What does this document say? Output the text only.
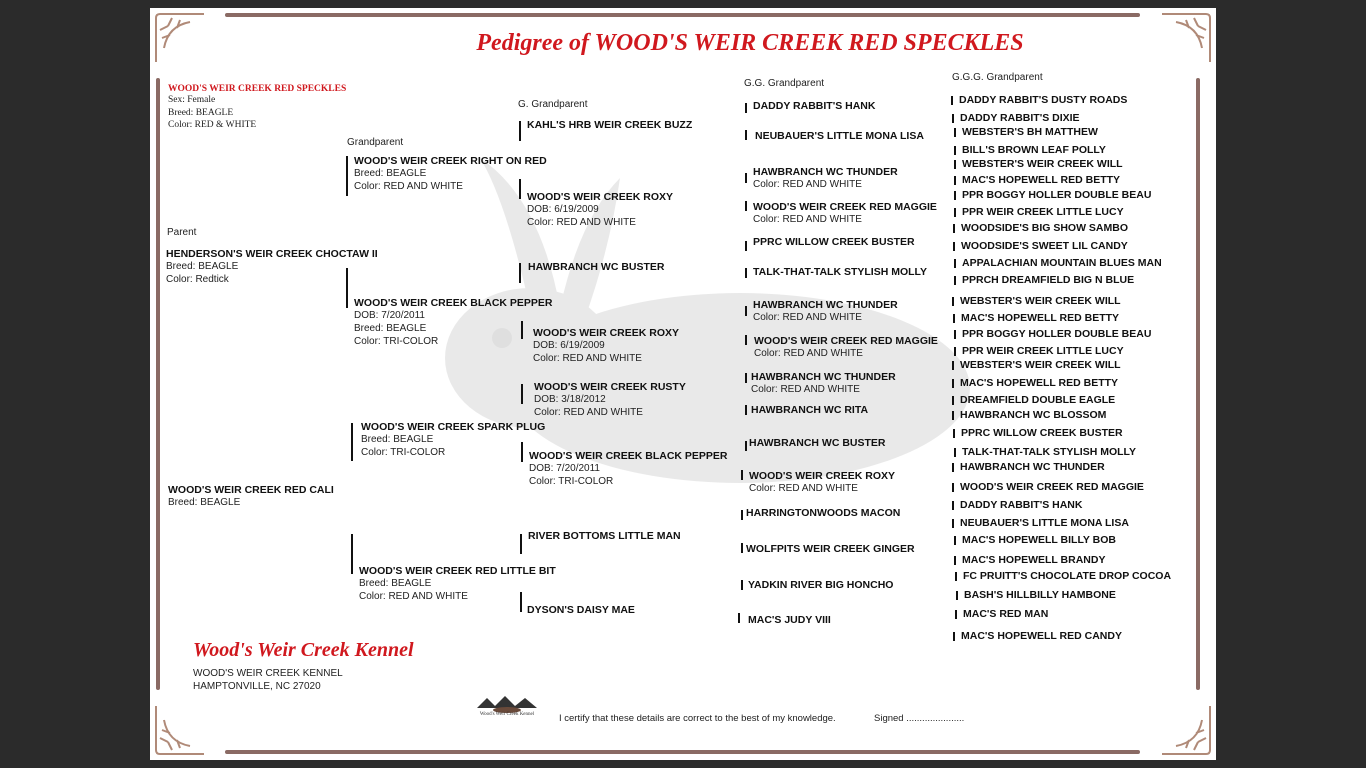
Pedigree of WOOD'S WEIR CREEK RED SPECKLES
WOOD'S WEIR CREEK RED SPECKLES
Sex: Female
Breed: BEAGLE
Color: RED & WHITE
Parent
Grandparent
G. Grandparent
G.G. Grandparent
G.G.G. Grandparent
HENDERSON'S WEIR CREEK CHOCTAW II
Breed: BEAGLE
Color: Redtick
WOOD'S WEIR CREEK RED CALI
Breed: BEAGLE
WOOD'S WEIR CREEK RIGHT ON RED
Breed: BEAGLE
Color: RED AND WHITE
WOOD'S WEIR CREEK BLACK PEPPER
DOB: 7/20/2011
Breed: BEAGLE
Color: TRI-COLOR
WOOD'S WEIR CREEK SPARK PLUG
Breed: BEAGLE
Color: TRI-COLOR
WOOD'S WEIR CREEK RED LITTLE BIT
Breed: BEAGLE
Color: RED AND WHITE
KAHL'S HRB WEIR CREEK BUZZ
WOOD'S WEIR CREEK ROXY
DOB: 6/19/2009
Color: RED AND WHITE
HAWBRANCH WC BUSTER
WOOD'S WEIR CREEK ROXY
DOB: 6/19/2009
Color: RED AND WHITE
WOOD'S WEIR CREEK RUSTY
DOB: 3/18/2012
Color: RED AND WHITE
WOOD'S WEIR CREEK BLACK PEPPER
DOB: 7/20/2011
Color: TRI-COLOR
RIVER BOTTOMS LITTLE MAN
DYSON'S DAISY MAE
DADDY RABBIT'S HANK
NEUBAUER'S LITTLE MONA LISA
HAWBRANCH WC THUNDER
Color: RED AND WHITE
WOOD'S WEIR CREEK RED MAGGIE
Color: RED AND WHITE
PPRC WILLOW CREEK BUSTER
TALK-THAT-TALK STYLISH MOLLY
HAWBRANCH WC THUNDER
Color: RED AND WHITE
WOOD'S WEIR CREEK RED MAGGIE
Color: RED AND WHITE
HAWBRANCH WC THUNDER
Color: RED AND WHITE
HAWBRANCH WC RITA
HAWBRANCH WC BUSTER
WOOD'S WEIR CREEK ROXY
Color: RED AND WHITE
HARRINGTONWOODS MACON
WOLFPITS WEIR CREEK GINGER
YADKIN RIVER BIG HONCHO
MAC'S JUDY VIII
DADDY RABBIT'S DUSTY ROADS
DADDY RABBIT'S DIXIE
WEBSTER'S BH MATTHEW
BILL'S BROWN LEAF POLLY
WEBSTER'S WEIR CREEK WILL
MAC'S HOPEWELL RED BETTY
PPR BOGGY HOLLER DOUBLE BEAU
PPR WEIR CREEK LITTLE LUCY
WOODSIDE'S BIG SHOW SAMBO
WOODSIDE'S SWEET LIL CANDY
APPALACHIAN MOUNTAIN BLUES MAN
PPRCH DREAMFIELD BIG N BLUE
WEBSTER'S WEIR CREEK WILL
MAC'S HOPEWELL RED BETTY
PPR BOGGY HOLLER DOUBLE BEAU
PPR WEIR CREEK LITTLE LUCY
WEBSTER'S WEIR CREEK WILL
MAC'S HOPEWELL RED BETTY
DREAMFIELD DOUBLE EAGLE
HAWBRANCH WC BLOSSOM
PPRC WILLOW CREEK BUSTER
TALK-THAT-TALK STYLISH MOLLY
HAWBRANCH WC THUNDER
WOOD'S WEIR CREEK RED MAGGIE
DADDY RABBIT'S HANK
NEUBAUER'S LITTLE MONA LISA
MAC'S HOPEWELL BILLY BOB
MAC'S HOPEWELL BRANDY
FC PRUITT'S CHOCOLATE DROP COCOA
BASH'S HILLBILLY HAMBONE
MAC'S RED MAN
MAC'S HOPEWELL RED CANDY
Wood's Weir Creek Kennel
WOOD'S WEIR CREEK KENNEL
HAMPTONVILLE, NC 27020
Wood's Weir Creek Kennel	I certify that these details are correct to the best of my knowledge.	Signed ......................
